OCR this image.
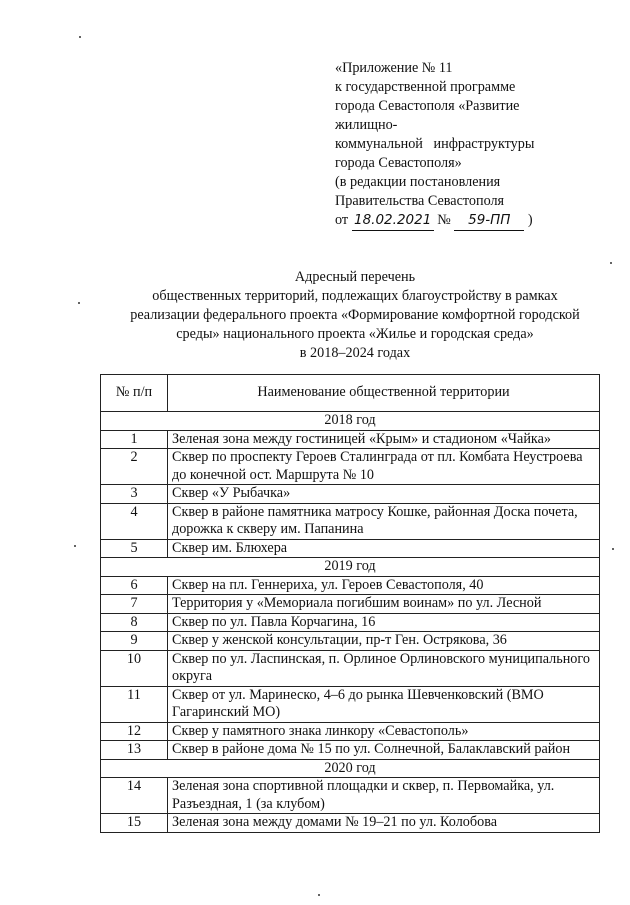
«Приложение № 11
к государственной программе
города Севастополя «Развитие
жилищно-
коммунальной   инфраструктуры
города Севастополя»
(в редакции постановления
Правительства Севастополя
от 18.02.2021 № 59-ПП )
Адресный перечень
общественных территорий, подлежащих благоустройству в рамках
реализации федерального проекта «Формирование комфортной городской
среды» национального проекта «Жилье и городская среда»
в 2018–2024 годах
№ п/п	Наименование общественной территории
2018 год	
1	Зеленая зона между гостиницей «Крым» и стадионом «Чайка»
2	Сквер по проспекту Героев Сталинграда от пл. Комбата Неустроева до конечной ост. Маршрута № 10
3	Сквер «У Рыбачка»
4	Сквер в районе памятника матросу Кошке, районная Доска почета, дорожка к скверу им. Папанина
5	Сквер им. Блюхера
2019 год	
6	Сквер на пл. Геннериха, ул. Героев Севастополя, 40
7	Территория у «Мемориала погибшим воинам» по ул. Лесной
8	Сквер по ул. Павла Корчагина, 16
9	Сквер у женской консультации, пр-т Ген. Острякова, 36
10	Сквер по ул. Ласпинская, п. Орлиное Орлиновского муниципального округа
11	Сквер от ул. Маринеско, 4–6 до рынка Шевченковский (ВМО Гагаринский МО)
12	Сквер у памятного знака линкору «Севастополь»
13	Сквер в районе дома № 15 по ул. Солнечной, Балаклавский район
2020 год	
14	Зеленая зона спортивной площадки и сквер, п. Первомайка, ул. Разъездная, 1 (за клубом)
15	Зеленая зона между домами № 19–21 по ул. Колобова
